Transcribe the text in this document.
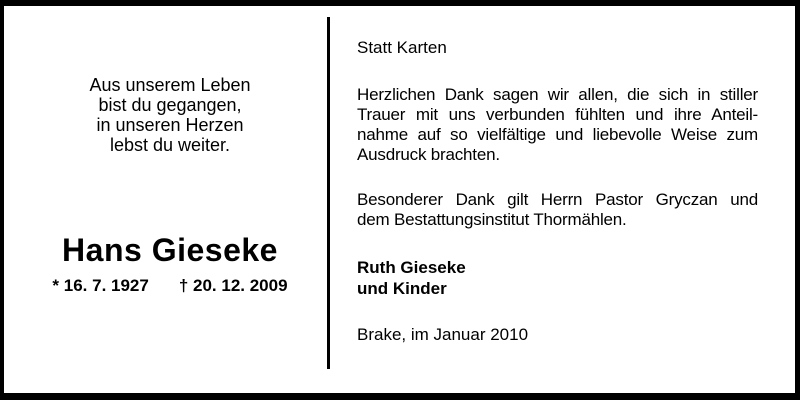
Aus unserem Leben
bist du gegangen,
in unseren Herzen
lebst du weiter.
Hans Gieseke
* 16. 7. 1927 † 20. 12. 2009
Statt Karten
Herzlichen Dank sagen wir allen, die sich in stiller
Trauer mit uns verbunden fühlten und ihre Anteil-
nahme auf so vielfältige und liebevolle Weise zum
Ausdruck brachten.
Besonderer Dank gilt Herrn Pastor Gryczan und
dem Bestattungsinstitut Thormählen.
Ruth Gieseke
und Kinder
Brake, im Januar 2010
